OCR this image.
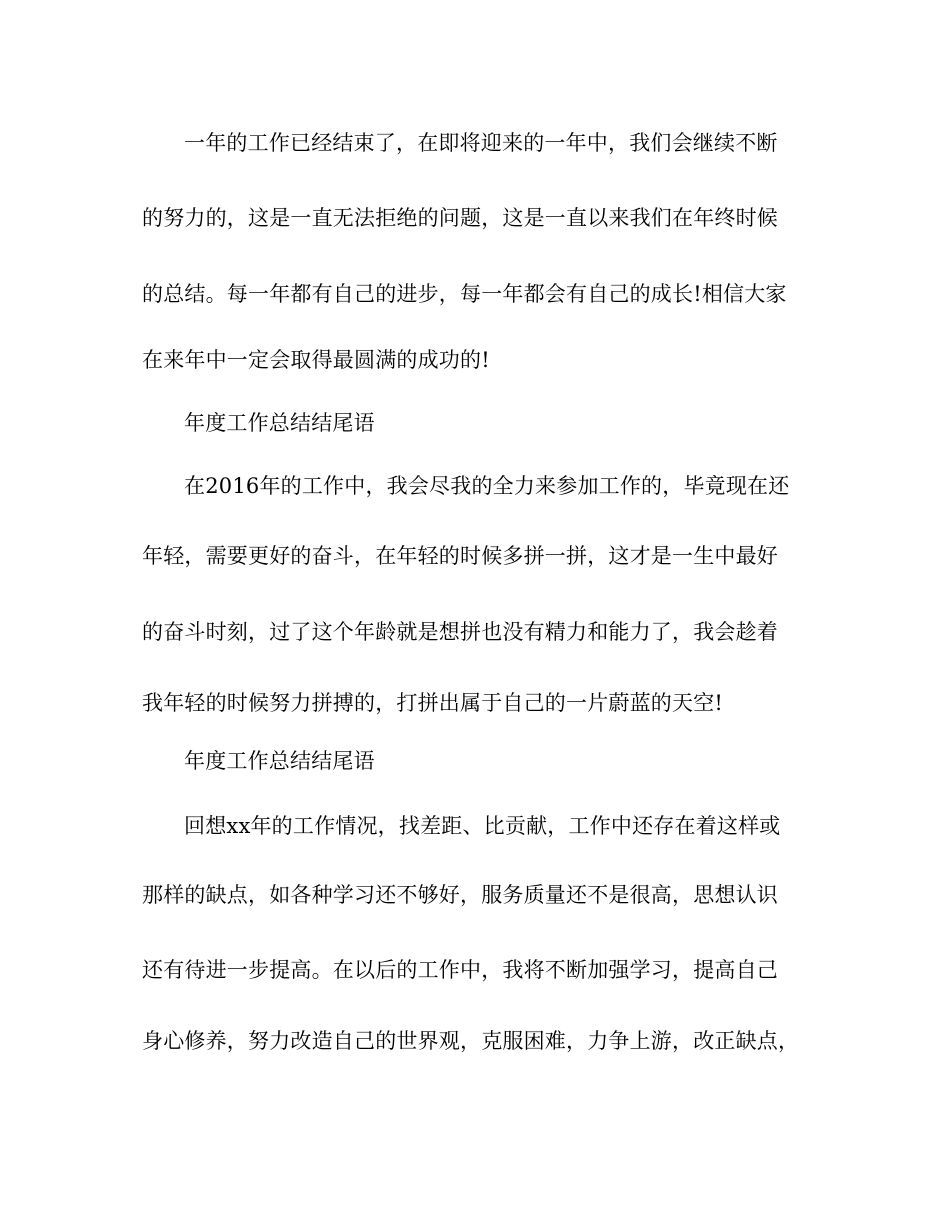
一年的工作已经结束了，在即将迎来的一年中，我们会继续不断
的努力的，这是一直无法拒绝的问题，这是一直以来我们在年终时候
的总结。每一年都有自己的进步，每一年都会有自己的成长!相信大家
在来年中一定会取得最圆满的成功的!
年度工作总结结尾语
在2016年的工作中，我会尽我的全力来参加工作的，毕竟现在还
年轻，需要更好的奋斗，在年轻的时候多拼一拼，这才是一生中最好
的奋斗时刻，过了这个年龄就是想拼也没有精力和能力了，我会趁着
我年轻的时候努力拼搏的，打拼出属于自己的一片蔚蓝的天空!
年度工作总结结尾语
回想xx年的工作情况，找差距、比贡献，工作中还存在着这样或
那样的缺点，如各种学习还不够好，服务质量还不是很高，思想认识
还有待进一步提高。在以后的工作中，我将不断加强学习，提高自己
身心修养，努力改造自己的世界观，克服困难，力争上游，改正缺点，
